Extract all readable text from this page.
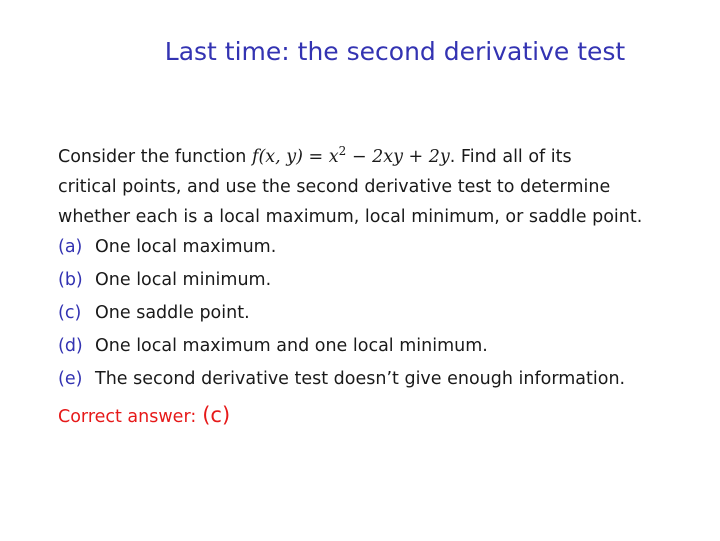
Last time: the second derivative test
Consider the function f(x, $y) = x^2 - 2xy + 2y$. Find all of its
critical points, and use the second derivative test to determine
whether each is a local maximum, local minimum, or saddle point.
(a) One local maximum.
(b) One local minimum.
(c) One saddle point.
(d) One local maximum and one local minimum.
(e) The second derivative test doesn’t give enough information.
Correct answer: (c)
